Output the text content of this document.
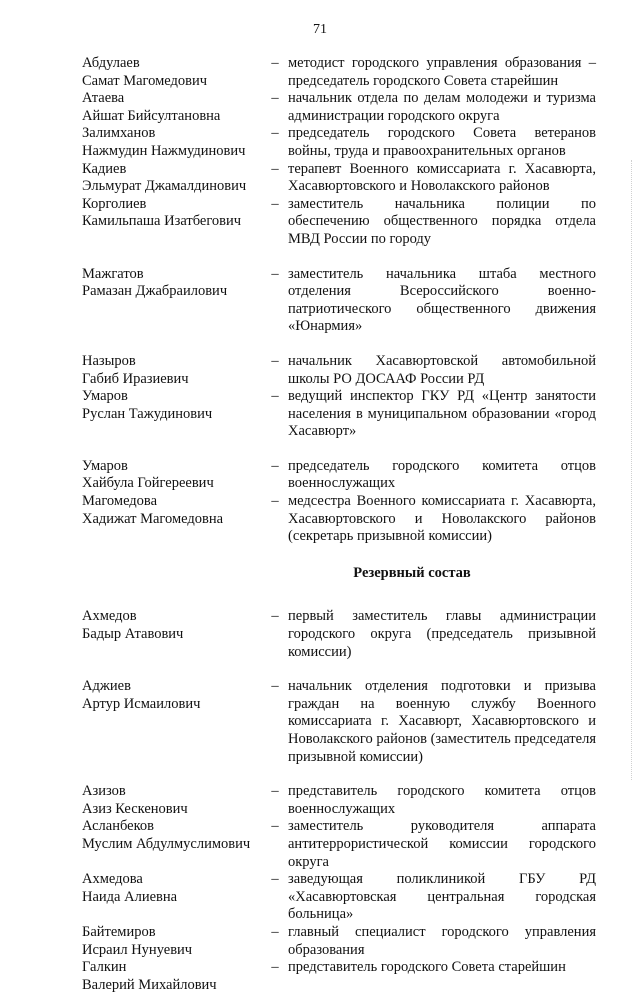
71
Абдулаев
Самат Магомедович
– методист городского управления образования – председатель городского Совета старейшин
Атаева
Айшат Бийсултановна
– начальник отдела по делам молодежи и туризма администрации городского округа
Залимханов
Нажмудин Нажмудинович
– председатель городского Совета ветеранов войны, труда и правоохранительных органов
Кадиев
Эльмурат Джамалдинович
– терапевт Военного комиссариата г. Хасавюрта, Хасавюртовского и Новолакского районов
Корголиев
Камильпаша Изатбегович
– заместитель начальника полиции по обеспечению общественного порядка отдела МВД России по городу
Мажгатов
Рамазан Джабраилович
– заместитель начальника штаба местного отделения Всероссийского военно-патриотического общественного движения «Юнармия»
Назыров
Габиб Иразиевич
– начальник Хасавюртовской автомобильной школы РО ДОСААФ России РД
Умаров
Руслан Тажудинович
– ведущий инспектор ГКУ РД «Центр занятости населения в муниципальном образовании «город Хасавюрт»
Умаров
Хайбула Гойгереевич
– председатель городского комитета отцов военнослужащих
Магомедова
Хадижат Магомедовна
– медсестра Военного комиссариата г. Хасавюрта, Хасавюртовского и Новолакского районов (секретарь призывной комиссии)
Резервный состав
Ахмедов
Бадыр Атавович
– первый заместитель главы администрации городского округа (председатель призывной комиссии)
Аджиев
Артур Исмаилович
– начальник отделения подготовки и призыва граждан на военную службу Военного комиссариата г. Хасавюрт, Хасавюртовского и Новолакского районов (заместитель председателя призывной комиссии)
Азизов
Азиз Кескенович
– представитель городского комитета отцов военнослужащих
Асланбеков
Муслим Абдулмуслимович
– заместитель руководителя аппарата антитеррористической комиссии городского округа
Ахмедова
Наида Алиевна
– заведующая поликлиникой ГБУ РД «Хасавюртовская центральная городская больница»
Байтемиров
Исраил Нунуевич
– главный специалист городского управления образования
Галкин
Валерий Михайлович
– представитель городского Совета старейшин
